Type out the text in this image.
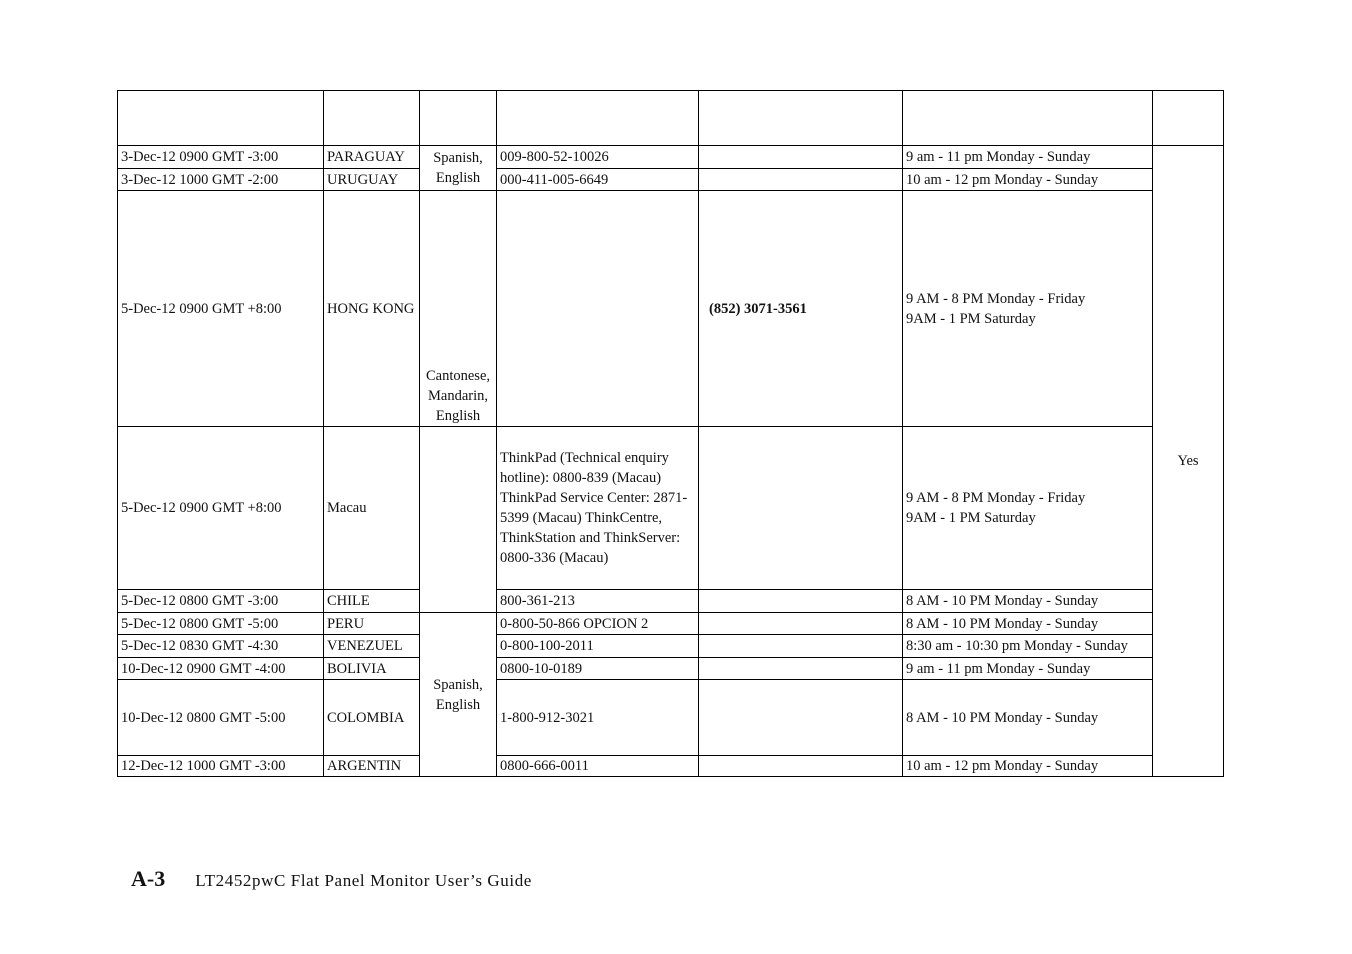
3-Dec-12 0900 GMT -3:00	PARAGUAY	Spanish, English	009-800-52-10026		9 am - 11 pm Monday - Sunday	Yes
3-Dec-12 1000 GMT -2:00	URUGUAY		000-411-005-6649		10 am - 12 pm Monday - Sunday	
5-Dec-12 0900 GMT +8:00	HONG KONG	Cantonese, Mandarin, English		(852) 3071-3561	9 AM - 8 PM Monday - Friday
9AM - 1 PM Saturday	

5-Dec-12 0900 GMT +8:00	Macau		ThinkPad (Technical enquiry hotline): 0800-839 (Macau) ThinkPad Service Center: 2871-5399 (Macau) ThinkCentre, ThinkStation and ThinkServer: 0800-336 (Macau)		9 AM - 8 PM Monday - Friday
9AM - 1 PM Saturday	

5-Dec-12 0800 GMT -3:00	CHILE		800-361-213		8 AM - 10 PM Monday - Sunday	
5-Dec-12 0800 GMT -5:00	PERU	Spanish, English	0-800-50-866 OPCION 2		8 AM - 10 PM Monday - Sunday	
5-Dec-12 0830 GMT -4:30	VENEZUEL		0-800-100-2011		8:30 am - 10:30 pm Monday - Sunday	
10-Dec-12 0900 GMT -4:00	BOLIVIA		0800-10-0189		9 am - 11 pm Monday - Sunday	
10-Dec-12 0800 GMT -5:00	COLOMBIA		1-800-912-3021		8 AM - 10 PM Monday - Sunday	
12-Dec-12 1000 GMT -3:00	ARGENTIN		0800-666-0011		10 am - 12 pm Monday - Sunday	
A-3 LT2452pwC Flat Panel Monitor User’s Guide
